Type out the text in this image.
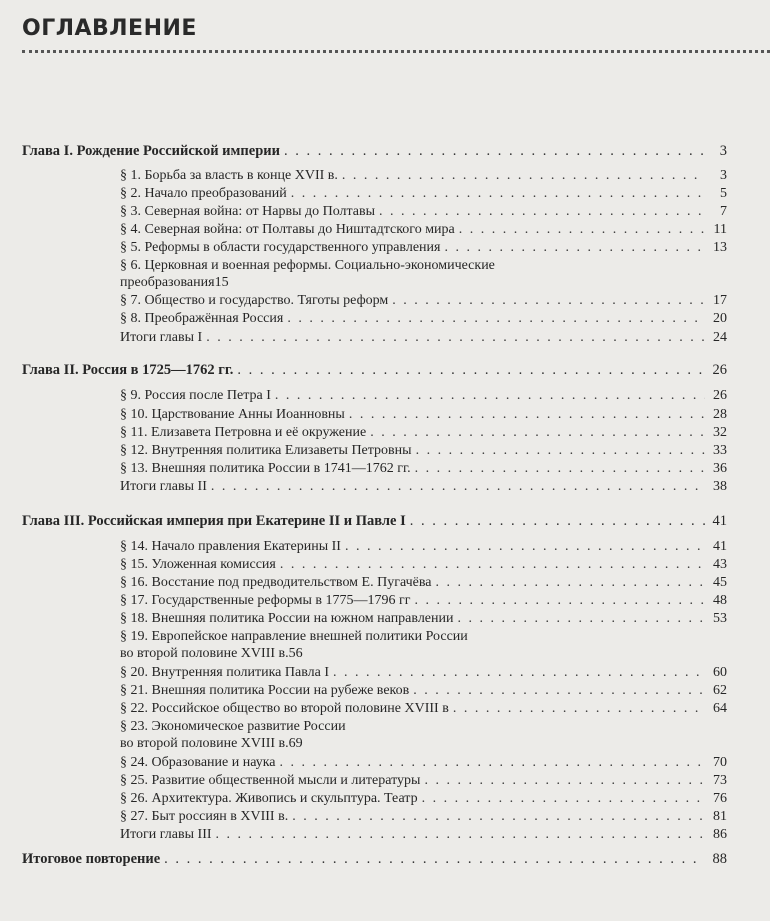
ОГЛАВЛЕНИЕ
Глава I. Рождение Российской империи . . .	3
§ 1. Борьба за власть в конце XVII в. . . .	3
§ 2. Начало преобразований . . .	5
§ 3. Северная война: от Нарвы до Полтавы . . .	7
§ 4. Северная война: от Полтавы до Ништадтского мира . . .	11
§ 5. Реформы в области государственного управления . . .	13
§ 6. Церковная и военная реформы. Социально-экономические
преобразования 15
§ 7. Общество и государство. Тяготы реформ . . .	17
§ 8. Преображённая Россия . . .	20
Итоги главы I . . .	24
Глава II. Россия в 1725—1762 гг. . . .	26
§ 9. Россия после Петра I . . .	26
§ 10. Царствование Анны Иоанновны . . .	28
§ 11. Елизавета Петровна и её окружение . . .	32
§ 12. Внутренняя политика Елизаветы Петровны . . .	33
§ 13. Внешняя политика России в 1741—1762 гг. . . .	36
Итоги главы II . . .	38
Глава III. Российская империя при Екатерине II и Павле I . . .	41
§ 14. Начало правления Екатерины II . . .	41
§ 15. Уложенная комиссия . . .	43
§ 16. Восстание под предводительством Е. Пугачёва . . .	45
§ 17. Государственные реформы в 1775—1796 гг . . .	48
§ 18. Внешняя политика России на южном направлении . . .	53
§ 19. Европейское направление внешней политики России
во второй половине XVIII в. 56
§ 20. Внутренняя политика Павла I . . .	60
§ 21. Внешняя политика России на рубеже веков . . .	62
§ 22. Российское общество во второй половине XVIII в . . .	64
§ 23. Экономическое развитие России
во второй половине XVIII в. 69
§ 24. Образование и наука . . .	70
§ 25. Развитие общественной мысли и литературы . . .	73
§ 26. Архитектура. Живопись и скульптура. Театр . . .	76
§ 27. Быт россиян в XVIII в. . . .	81
Итоги главы III . . .	86
Итоговое повторение . . .	88
